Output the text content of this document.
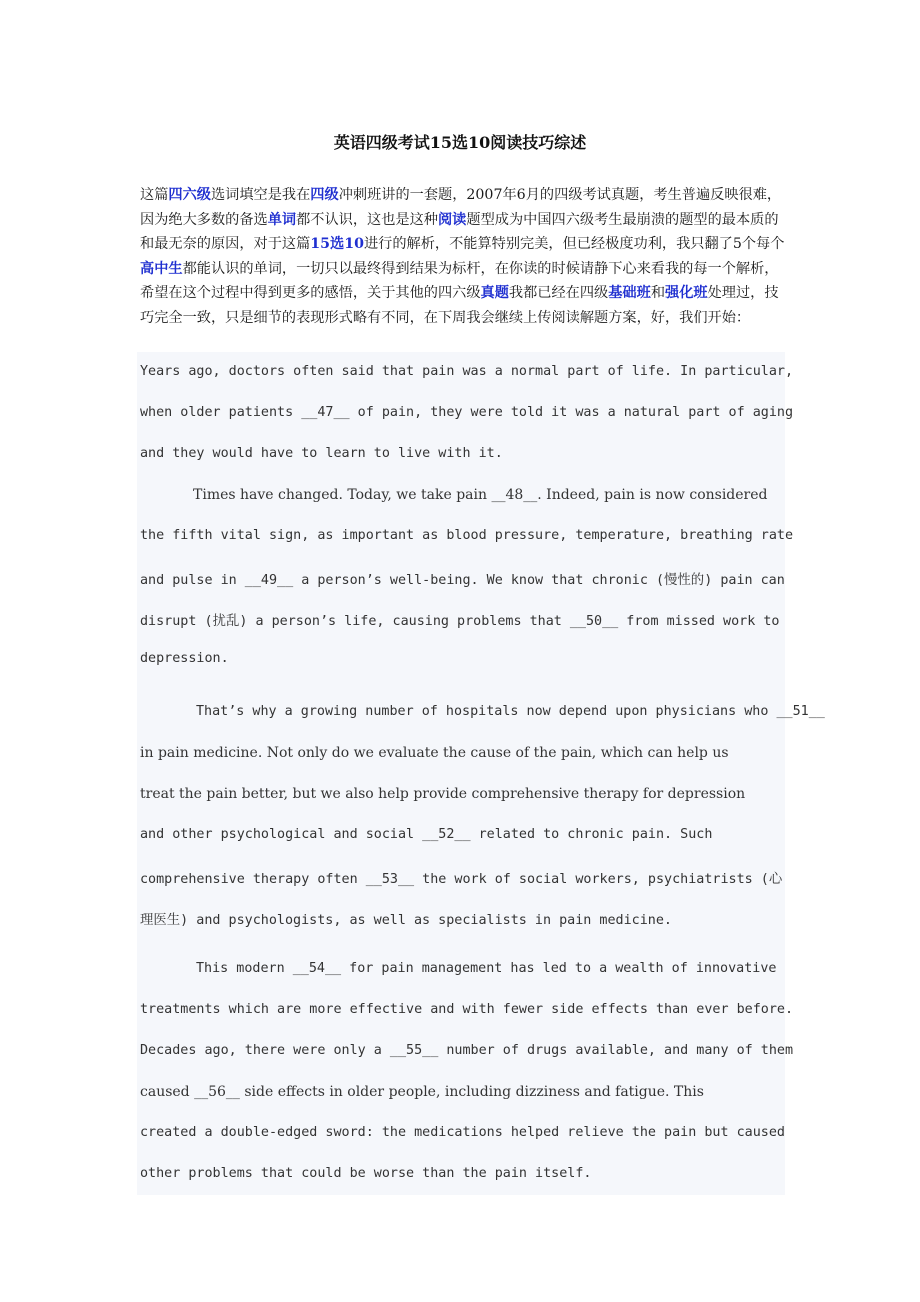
英语四级考试15选10阅读技巧综述

这篇四六级选词填空是我在四级冲刺班讲的一套题，2007年6月的四级考试真题，考生普遍反映很难，因为绝大多数的备选单词都不认识，这也是这种阅读题型成为中国四六级考生最崩溃的题型的最本质的和最无奈的原因，对于这篇15选10进行的解析，不能算特别完美，但已经极度功利，我只翻了5个每个高中生都能认识的单词，一切只以最终得到结果为标杆，在你读的时候请静下心来看我的每一个解析，希望在这个过程中得到更多的感悟，关于其他的四六级真题我都已经在四级基础班和强化班处理过，技巧完全一致，只是细节的表现形式略有不同，在下周我会继续上传阅读解题方案，好，我们开始：

Years ago, doctors often said that pain was a normal part of life. In particular,
when older patients __47__ of pain, they were told it was a natural part of aging
and they would have to learn to live with it.
Times have changed. Today, we take pain __48__. Indeed, pain is now considered
the fifth vital sign, as important as blood pressure, temperature, breathing rate
and pulse in __49__ a person’s well-being. We know that chronic (慢性的) pain can
disrupt (扰乱) a person’s life, causing problems that __50__ from missed work to
depression.
That’s why a growing number of hospitals now depend upon physicians who __51__
in pain medicine. Not only do we evaluate the cause of the pain, which can help us
treat the pain better, but we also help provide comprehensive therapy for depression
and other psychological and social __52__ related to chronic pain. Such
comprehensive therapy often __53__ the work of social workers, psychiatrists (心
理医生) and psychologists, as well as specialists in pain medicine.
This modern __54__ for pain management has led to a wealth of innovative
treatments which are more effective and with fewer side effects than ever before.
Decades ago, there were only a __55__ number of drugs available, and many of them
caused __56__ side effects in older people, including dizziness and fatigue. This
created a double-edged sword: the medications helped relieve the pain but caused
other problems that could be worse than the pain itself.
